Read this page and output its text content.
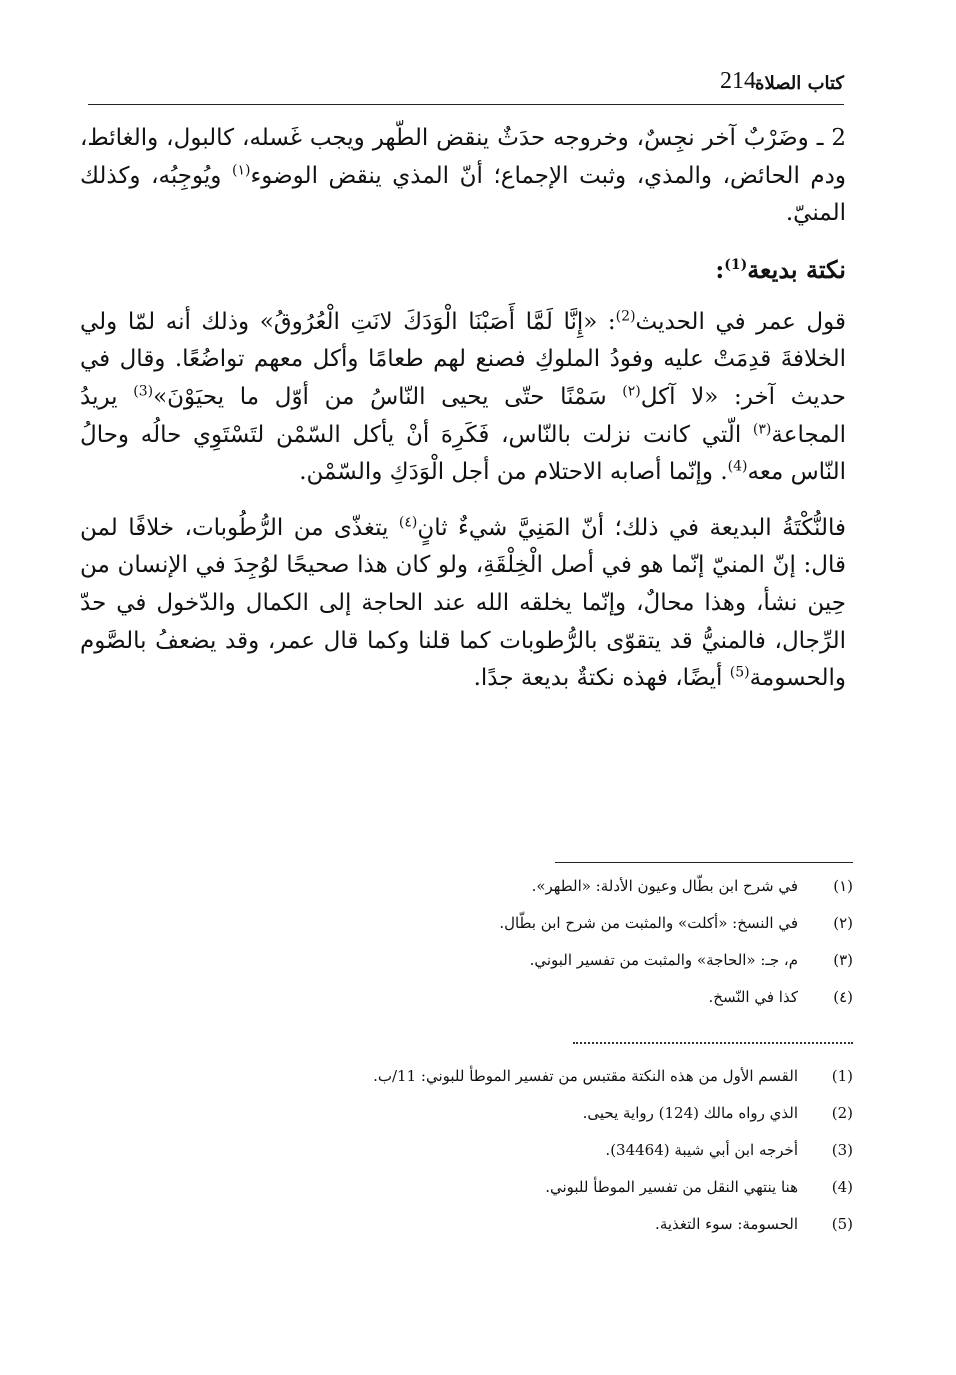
214 كتاب الصلاة

2 ـ وضَرْبٌ آخر نجِسٌ، وخروجه حدَثٌ ينقض الطّهر ويجب غَسله، كالبول، والغائط، ودم الحائض، والمذي، وثبت الإجماع؛ أنّ المذي ينقض الوضوء$^{(١)}$ ويُوجِبُه، وكذلك المنيّ.

نكتة بديعة$^{(1)}$:

قول عمر في الحديث$^{(2)}$: «إِنَّا لَمَّا أَصَبْنَا الْوَدَكَ لانَتِ الْعُرُوقُ» وذلك أنه لمّا ولي الخلافةَ قدِمَتْ عليه وفودُ الملوكِ فصنع لهم طعامًا وأكل معهم تواضُعًا. وقال في حديث آخر: «لا آكل$^{(٢)}$ سَمْنًا حتّى يحيى النّاسُ من أوّل ما يحيَوْنَ»$^{(3)}$ يريدُ المجاعة$^{(٣)}$ الّتي كانت نزلت بالنّاس، فَكَرِهَ أنْ يأكل السّمْن لتَسْتَوِي حالُه وحالُ النّاس معه$^{(4)}$. وإنّما أصابه الاحتلام من أجل الْوَدَكِ والسّمْن.

فالنُّكْتَةُ البديعة في ذلك؛ أنّ المَنِيَّ شيءٌ ثانٍ$^{(٤)}$ يتغذّى من الرُّطُوبات، خلافًا لمن قال: إنّ المنيّ إنّما هو في أصل الْخِلْقَةِ، ولو كان هذا صحيحًا لوُجِدَ في الإنسان من حِين نشأ، وهذا محالٌ، وإنّما يخلقه الله عند الحاجة إلى الكمال والدّخول في حدّ الرِّجال، فالمنيُّ قد يتقوّى بالرُّطوبات كما قلنا وكما قال عمر، وقد يضعفُ بالصَّوم والحسومة$^{(5)}$ أيضًا، فهذه نكتةٌ بديعة جدًا.

(١)
في شرح ابن بطّال وعيون الأدلة: «الطهر».
(٢)
في النسخ: «أكلت» والمثبت من شرح ابن بطّال.
(٣)
م، جـ: «الحاجة» والمثبت من تفسير البوني.
(٤)
كذا في النّسخ.
(1)
القسم الأول من هذه النكتة مقتبس من تفسير الموطأ للبوني: 11/ب.
(2)
الذي رواه مالك (124) رواية يحيى.
(3)
أخرجه ابن أبي شيبة (34464).
(4)
هنا ينتهي النقل من تفسير الموطأ للبوني.
(5)
الحسومة: سوء التغذية.
